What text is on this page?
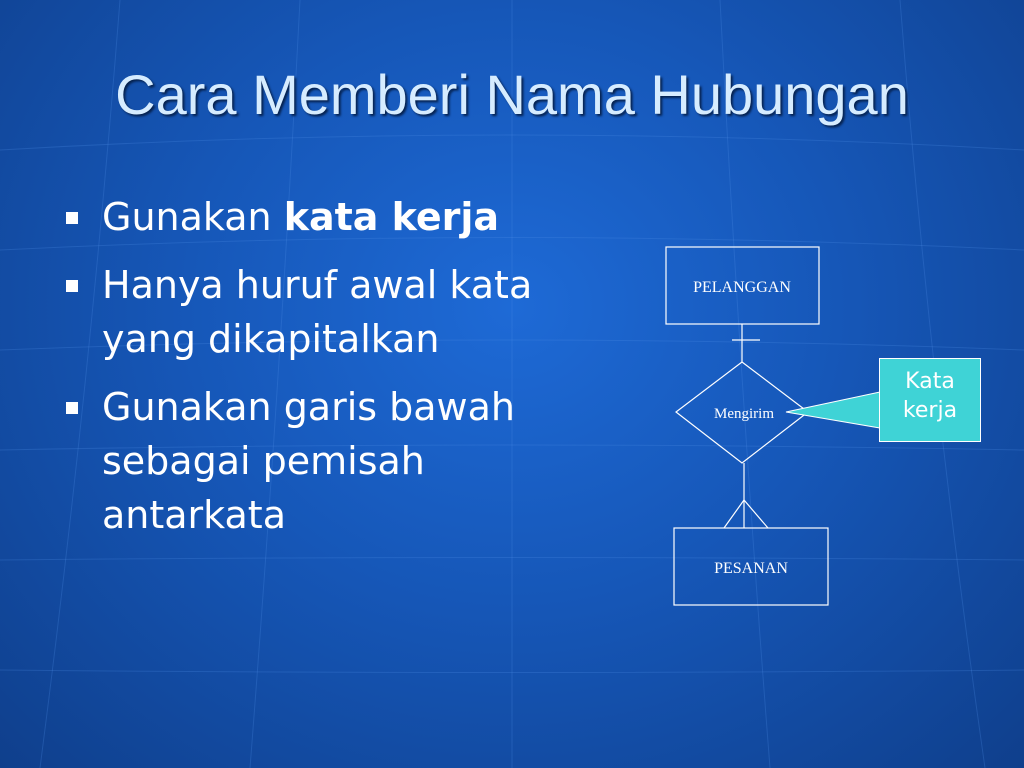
Cara Memberi Nama Hubungan
Gunakan kata kerja
Hanya huruf awal kata yang dikapitalkan
Gunakan garis bawah sebagai pemisah antarkata
PELANGGAN
Mengirim
PESANAN
Kata kerja
